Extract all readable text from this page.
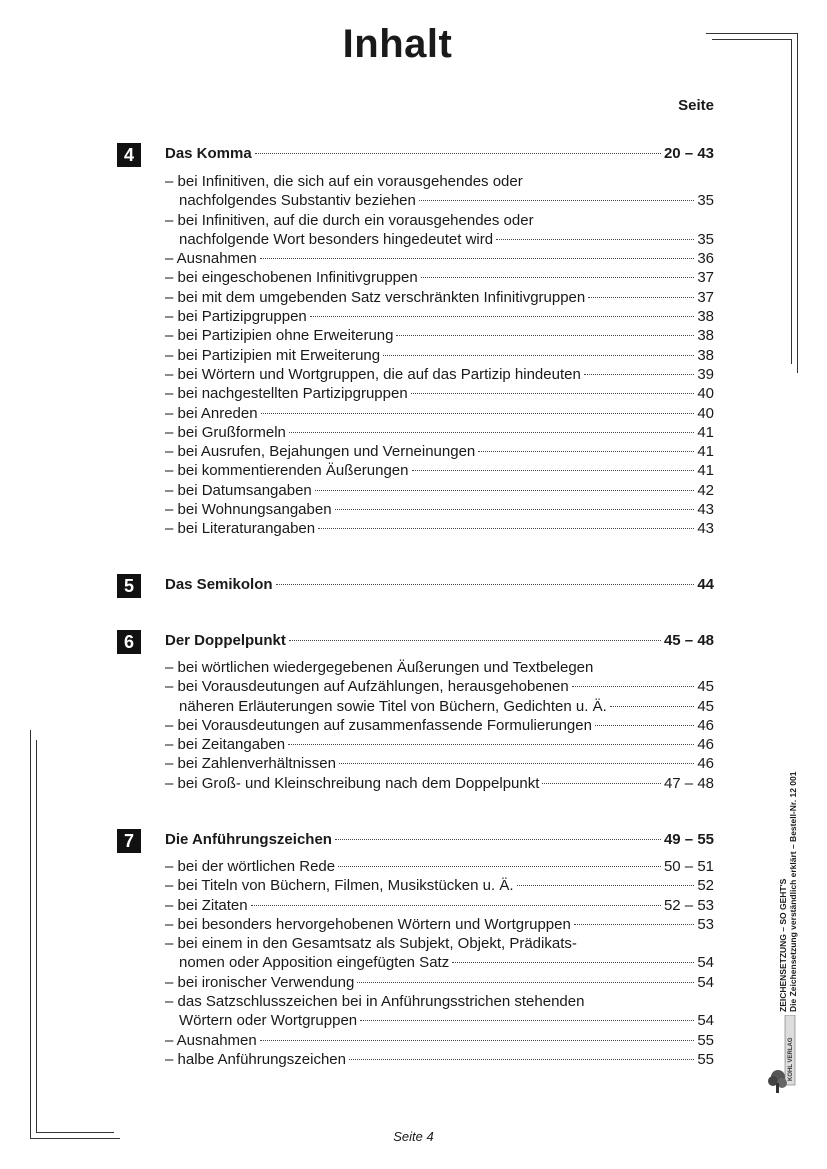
Inhalt
Seite
4	Das Komma	20 – 43
– bei Infinitiven, die sich auf ein vorausgehendes oder
nachfolgendes Substantiv beziehen	35
– bei Infinitiven, auf die durch ein vorausgehendes oder
nachfolgende Wort besonders hingedeutet wird	35
– Ausnahmen	36
– bei eingeschobenen Infinitivgruppen	37
– bei mit dem umgebenden Satz verschränkten Infinitivgruppen	37
– bei Partizipgruppen	38
– bei Partizipien ohne Erweiterung	38
– bei Partizipien mit Erweiterung	38
– bei Wörtern und Wortgruppen, die auf das Partizip hindeuten	39
– bei nachgestellten Partizipgruppen	40
– bei Anreden	40
– bei Grußformeln	41
– bei Ausrufen, Bejahungen und Verneinungen	41
– bei kommentierenden Äußerungen	41
– bei Datumsangaben	42
– bei Wohnungsangaben	43
– bei Literaturangaben	43
5	Das Semikolon	44
6	Der Doppelpunkt	45 – 48
– bei wörtlichen wiedergegebenen Äußerungen und Textbelegen
– bei Vorausdeutungen auf Aufzählungen, herausgehobenen	45
näheren Erläuterungen sowie Titel von Büchern, Gedichten u. Ä.	45
– bei Vorausdeutungen auf zusammenfassende Formulierungen	46
– bei Zeitangaben	46
– bei Zahlenverhältnissen	46
– bei Groß- und Kleinschreibung nach dem Doppelpunkt	47 – 48
7	Die Anführungszeichen	49 – 55
– bei der wörtlichen Rede	50 – 51
– bei Titeln von Büchern, Filmen, Musikstücken u. Ä.	52
– bei Zitaten	52 – 53
– bei besonders hervorgehobenen Wörtern und Wortgruppen	53
– bei einem in den Gesamtsatz als Subjekt, Objekt, Prädikats-
nomen oder Apposition eingefügten Satz	54
– bei ironischer Verwendung	54
– das Satzschlusszeichen bei in Anführungsstrichen stehenden
Wörtern oder Wortgruppen	54
– Ausnahmen	55
– halbe Anführungszeichen	55
ZEICHENSETZUNG – SO GEHT'S Die Zeichensetzung verständlich erklärt – Bestell-Nr. 12 001
KOHL VERLAG
Seite 4
